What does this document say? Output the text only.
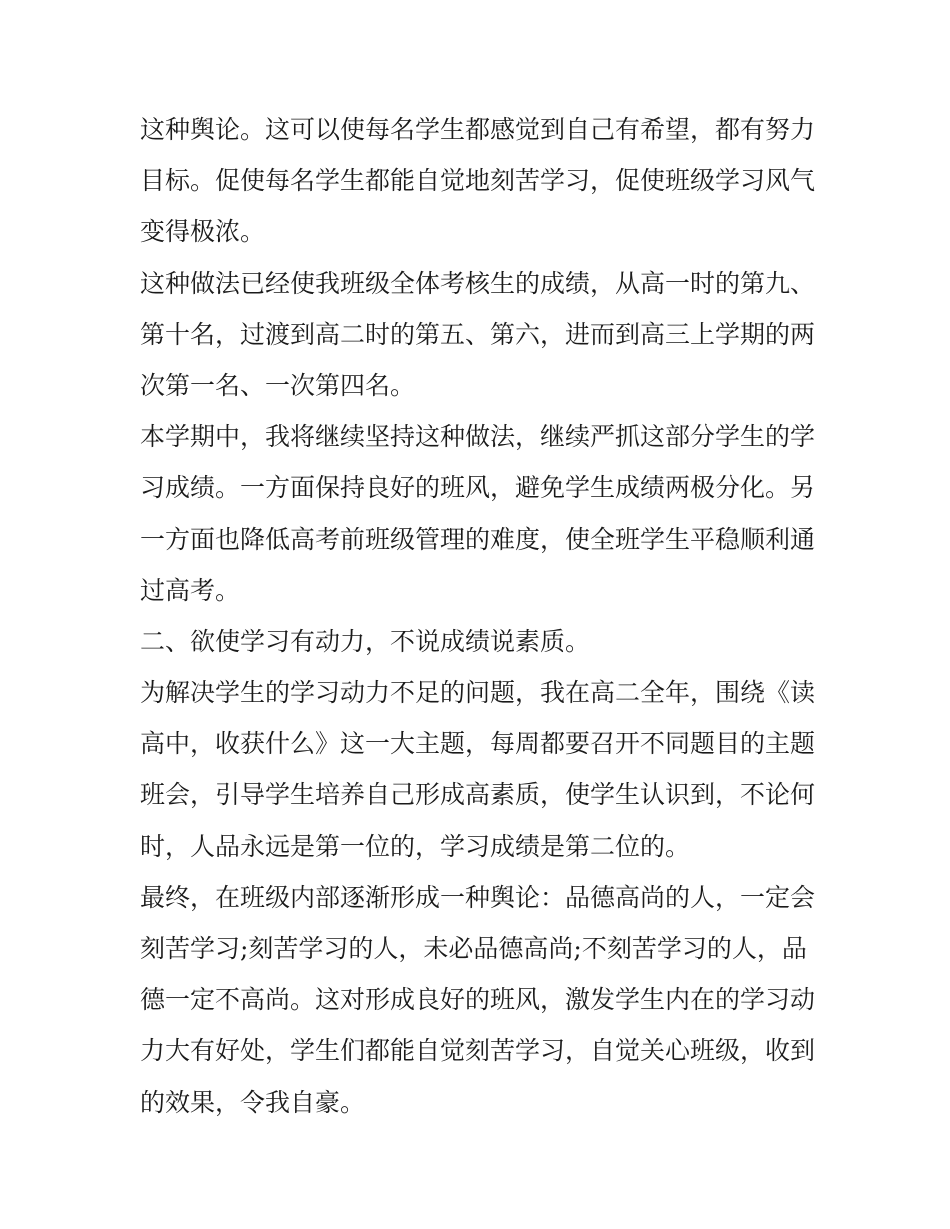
这种舆论。这可以使每名学生都感觉到自己有希望，都有努力
目标。促使每名学生都能自觉地刻苦学习，促使班级学习风气
变得极浓。

这种做法已经使我班级全体考核生的成绩，从高一时的第九、
第十名，过渡到高二时的第五、第六，进而到高三上学期的两
次第一名、一次第四名。

本学期中，我将继续坚持这种做法，继续严抓这部分学生的学
习成绩。一方面保持良好的班风，避免学生成绩两极分化。另
一方面也降低高考前班级管理的难度，使全班学生平稳顺利通
过高考。

二、欲使学习有动力，不说成绩说素质。

为解决学生的学习动力不足的问题，我在高二全年，围绕《读
高中，收获什么》这一大主题，每周都要召开不同题目的主题
班会，引导学生培养自己形成高素质，使学生认识到，不论何
时，人品永远是第一位的，学习成绩是第二位的。

最终，在班级内部逐渐形成一种舆论：品德高尚的人，一定会
刻苦学习;刻苦学习的人，未必品德高尚;不刻苦学习的人，品
德一定不高尚。这对形成良好的班风，激发学生内在的学习动
力大有好处，学生们都能自觉刻苦学习，自觉关心班级，收到
的效果，令我自豪。
